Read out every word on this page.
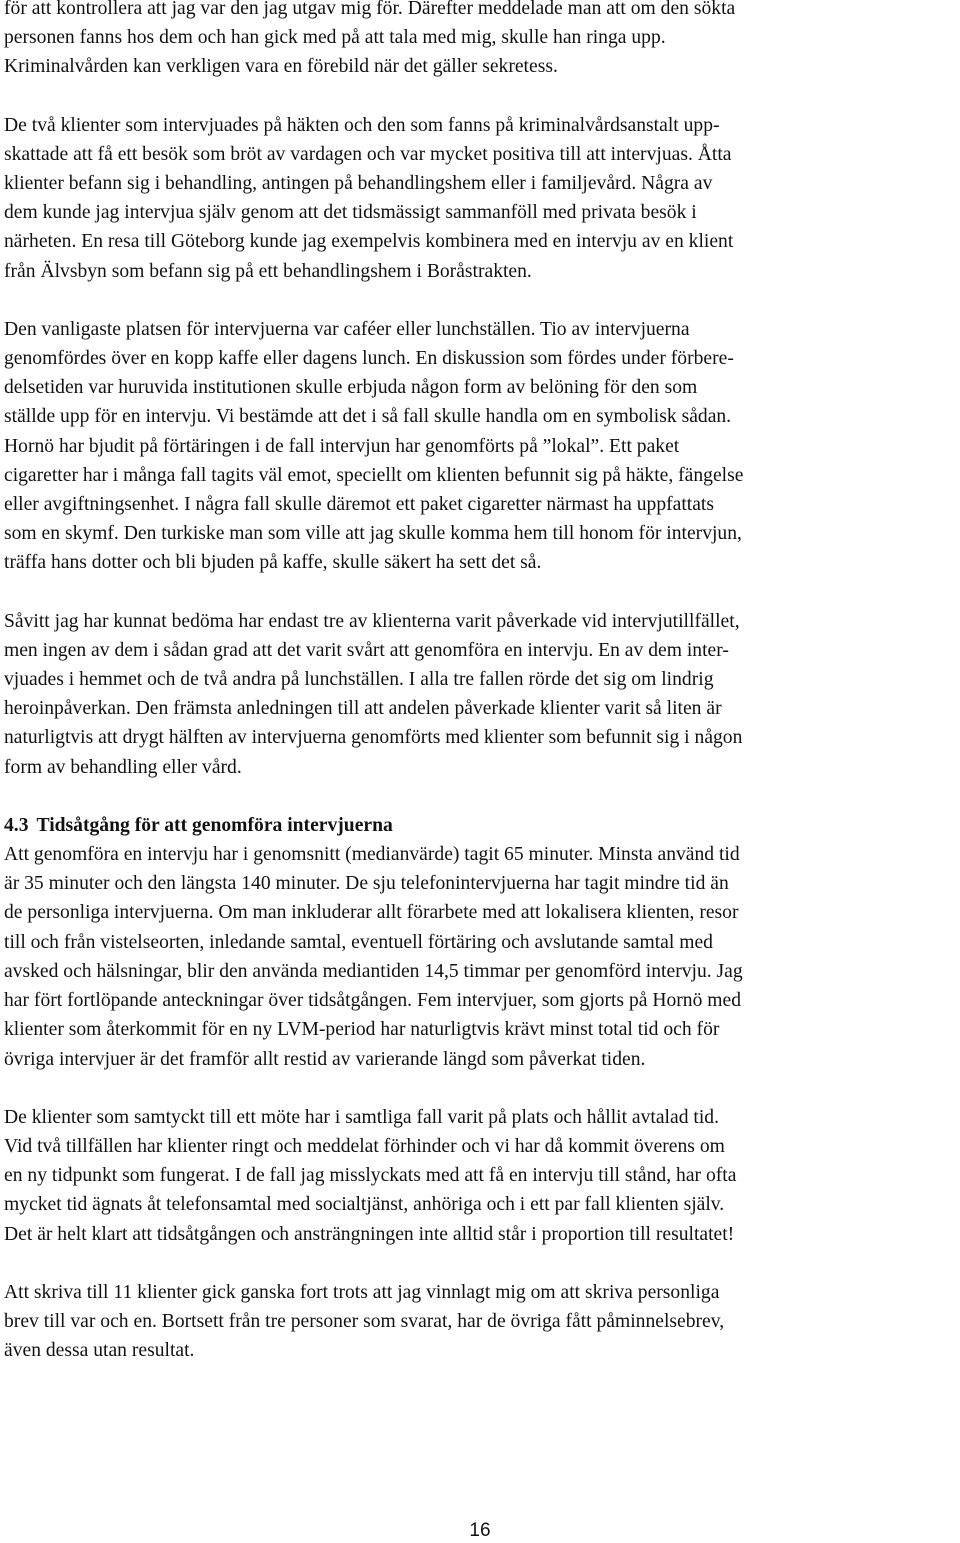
för att kontrollera att jag var den jag utgav mig för. Därefter meddelade man att om den sökta
personen fanns hos dem och han gick med på att tala med mig, skulle han ringa upp.
Kriminalvården kan verkligen vara en förebild när det gäller sekretess.

De två klienter som intervjuades på häkten och den som fanns på kriminalvårdsanstalt upp-
skattade att få ett besök som bröt av vardagen och var mycket positiva till att intervjuas. Åtta
klienter befann sig i behandling, antingen på behandlingshem eller i familjevård. Några av
dem kunde jag intervjua själv genom att det tidsmässigt sammanföll med privata besök i
närheten. En resa till Göteborg kunde jag exempelvis kombinera med en intervju av en klient
från Älvsbyn som befann sig på ett behandlingshem i Boråstrakten.

Den vanligaste platsen för intervjuerna var caféer eller lunchställen. Tio av intervjuerna
genomfördes över en kopp kaffe eller dagens lunch. En diskussion som fördes under förbere-
delsetiden var huruvida institutionen skulle erbjuda någon form av belöning för den som
ställde upp för en intervju. Vi bestämde att det i så fall skulle handla om en symbolisk sådan.
Hornö har bjudit på förtäringen i de fall intervjun har genomförts på ”lokal”. Ett paket
cigaretter har i många fall tagits väl emot, speciellt om klienten befunnit sig på häkte, fängelse
eller avgiftningsenhet. I några fall skulle däremot ett paket cigaretter närmast ha uppfattats
som en skymf. Den turkiske man som ville att jag skulle komma hem till honom för intervjun,
träffa hans dotter och bli bjuden på kaffe, skulle säkert ha sett det så.

Såvitt jag har kunnat bedöma har endast tre av klienterna varit påverkade vid intervjutillfället,
men ingen av dem i sådan grad att det varit svårt att genomföra en intervju. En av dem inter-
vjuades i hemmet och de två andra på lunchställen. I alla tre fallen rörde det sig om lindrig
heroinpåverkan. Den främsta anledningen till att andelen påverkade klienter varit så liten är
naturligtvis att drygt hälften av intervjuerna genomförts med klienter som befunnit sig i någon
form av behandling eller vård.

4.3 Tidsåtgång för att genomföra intervjuerna

Att genomföra en intervju har i genomsnitt (medianvärde) tagit 65 minuter. Minsta använd tid
är 35 minuter och den längsta 140 minuter. De sju telefonintervjuerna har tagit mindre tid än
de personliga intervjuerna. Om man inkluderar allt förarbete med att lokalisera klienten, resor
till och från vistelseorten, inledande samtal, eventuell förtäring och avslutande samtal med
avsked och hälsningar, blir den använda mediantiden 14,5 timmar per genomförd intervju. Jag
har fört fortlöpande anteckningar över tidsåtgången. Fem intervjuer, som gjorts på Hornö med
klienter som återkommit för en ny LVM-period har naturligtvis krävt minst total tid och för
övriga intervjuer är det framför allt restid av varierande längd som påverkat tiden.

De klienter som samtyckt till ett möte har i samtliga fall varit på plats och hållit avtalad tid.
Vid två tillfällen har klienter ringt och meddelat förhinder och vi har då kommit överens om
en ny tidpunkt som fungerat. I de fall jag misslyckats med att få en intervju till stånd, har ofta
mycket tid ägnats åt telefonsamtal med socialtjänst, anhöriga och i ett par fall klienten själv.
Det är helt klart att tidsåtgången och ansträngningen inte alltid står i proportion till resultatet!

Att skriva till 11 klienter gick ganska fort trots att jag vinnlagt mig om att skriva personliga
brev till var och en. Bortsett från tre personer som svarat, har de övriga fått påminnelsebrev,
även dessa utan resultat.

16
